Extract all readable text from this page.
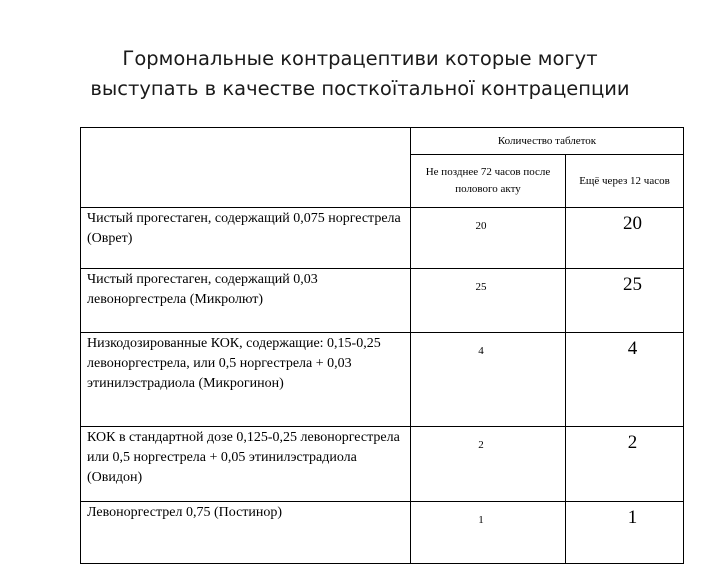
Гормональные контрацептиви которые могут
выступать в качестве посткоїтальної контрацепции
	Количество таблеток	
	Не позднее 72 часов после полового акту	Ещё через 12 часов
Чистый прогестаген, содержащий 0,075 норгестрела (Оврет)	20	20
Чистый прогестаген, содержащий 0,03 левоноргестрела (Микролют)	25	25
Низкодозированные КОК, содержащие: 0,15-0,25 левоноргестрела, или 0,5 норгестрела + 0,03 этинилэстрадиола (Микрогинон)	4	4
КОК в стандартной дозе 0,125-0,25 левоноргестрела или 0,5 норгестрела + 0,05 этинилэстрадиола (Овидон)	2	2
Левоноргестрел 0,75 (Постинор)	1	1
